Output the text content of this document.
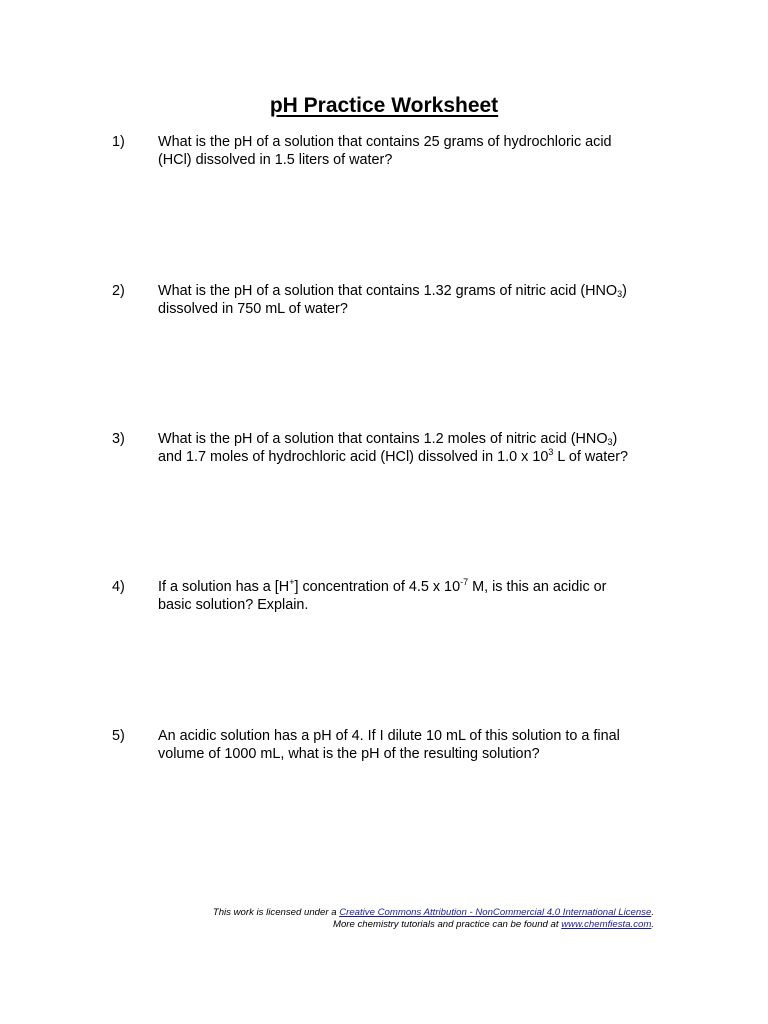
pH Practice Worksheet
1) What is the pH of a solution that contains 25 grams of hydrochloric acid
(HCl) dissolved in 1.5 liters of water?
2) What is the pH of a solution that contains 1.32 grams of nitric acid $(HNO_3)$
dissolved in 750 mL of water?
3) What is the pH of a solution that contains 1.2 moles of nitric acid $(HNO_3)$
and 1.7 moles of hydrochloric acid (HCl) dissolved in 1.0 x $10^3$ L of water?
4) If a solution has a [H+] concentration of 4.5 x $10^{-7}$ M, is this an acidic or
basic solution? Explain.
5) An acidic solution has a pH of 4. If I dilute 10 mL of this solution to a final
volume of 1000 mL, what is the pH of the resulting solution?
This work is licensed under a Creative Commons Attribution - NonCommercial 4.0 International License.
More chemistry tutorials and practice can be found at www.chemfiesta.com.
